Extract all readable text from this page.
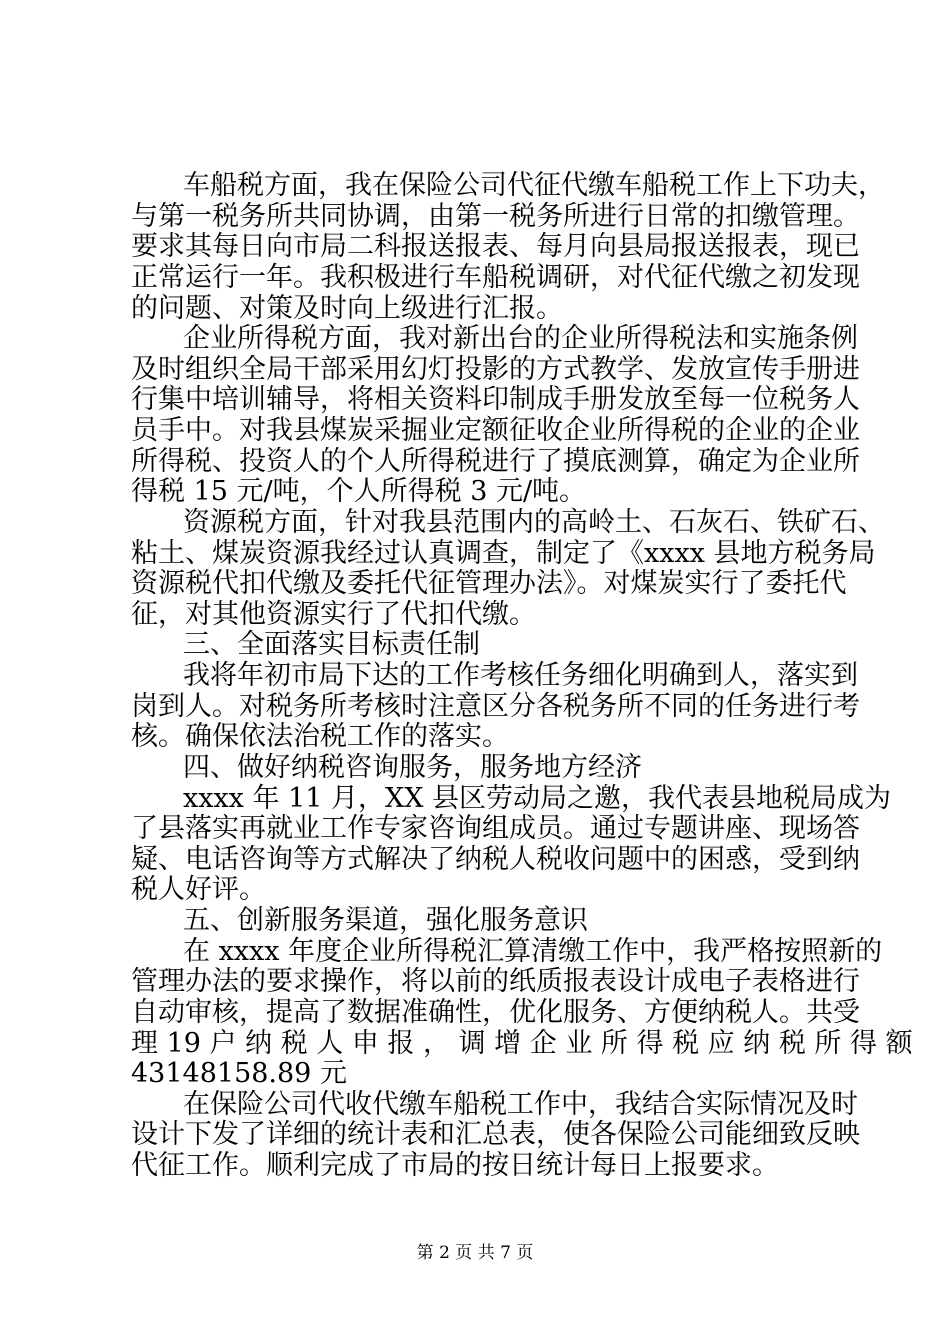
车船税方面，我在保险公司代征代缴车船税工作上下功夫，
与第一税务所共同协调，由第一税务所进行日常的扣缴管理。
要求其每日向市局二科报送报表、每月向县局报送报表，现已
正常运行一年。我积极进行车船税调研，对代征代缴之初发现
的问题、对策及时向上级进行汇报。
企业所得税方面，我对新出台的企业所得税法和实施条例
及时组织全局干部采用幻灯投影的方式教学、发放宣传手册进
行集中培训辅导，将相关资料印制成手册发放至每一位税务人
员手中。对我县煤炭采掘业定额征收企业所得税的企业的企业
所得税、投资人的个人所得税进行了摸底测算，确定为企业所
得税 15 元/吨，个人所得税 3 元/吨。
资源税方面，针对我县范围内的高岭土、石灰石、铁矿石、
粘土、煤炭资源我经过认真调查，制定了《xxxx 县地方税务局
资源税代扣代缴及委托代征管理办法》。对煤炭实行了委托代
征，对其他资源实行了代扣代缴。
三、全面落实目标责任制
我将年初市局下达的工作考核任务细化明确到人，落实到
岗到人。对税务所考核时注意区分各税务所不同的任务进行考
核。确保依法治税工作的落实。
四、做好纳税咨询服务，服务地方经济
xxxx 年 11 月，XX 县区劳动局之邀，我代表县地税局成为
了县落实再就业工作专家咨询组成员。通过专题讲座、现场答
疑、电话咨询等方式解决了纳税人税收问题中的困惑，受到纳
税人好评。
五、创新服务渠道，强化服务意识
在 xxxx 年度企业所得税汇算清缴工作中，我严格按照新的
管理办法的要求操作，将以前的纸质报表设计成电子表格进行
自动审核，提高了数据准确性，优化服务、方便纳税人。共受
理 19 户 纳 税 人 申 报 ， 调 增 企 业 所 得 税 应 纳 税 所 得 额
43148158.89 元
在保险公司代收代缴车船税工作中，我结合实际情况及时
设计下发了详细的统计表和汇总表，使各保险公司能细致反映
代征工作。顺利完成了市局的按日统计每日上报要求。
第 2 页 共 7 页
